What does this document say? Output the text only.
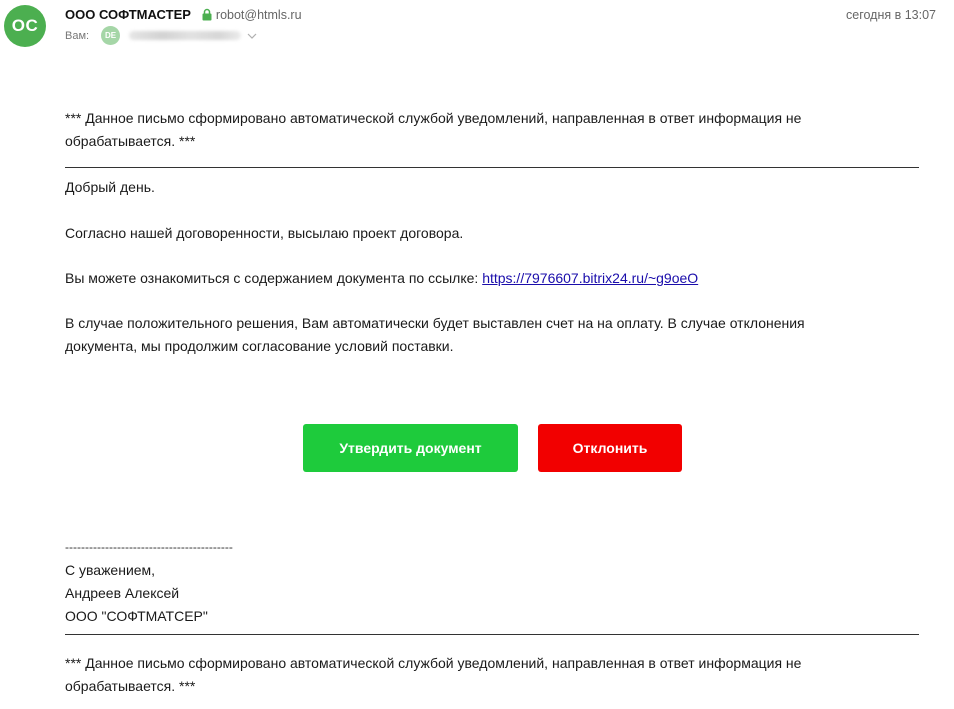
OC
ООО СОФТМАСТЕР robot@htmls.ru	сегодня в 13:07
Вам:	DE
*** Данное письмо сформировано автоматической службой уведомлений, направленная в ответ информация не обрабатывается. ***
Добрый день.
Согласно нашей договоренности, высылаю проект договора.
Вы можете ознакомиться с содержанием документа по ссылке: https://7976607.bitrix24.ru/~g9oeO
В случае положительного решения, Вам автоматически будет выставлен счет на на оплату. В случае отклонения документа, мы продолжим согласование условий поставки.
Утвердить документ	Отклонить
------------------------------------------
С уважением,
Андреев Алексей
ООО "СОФТМАТСЕР"
*** Данное письмо сформировано автоматической службой уведомлений, направленная в ответ информация не обрабатывается. ***
